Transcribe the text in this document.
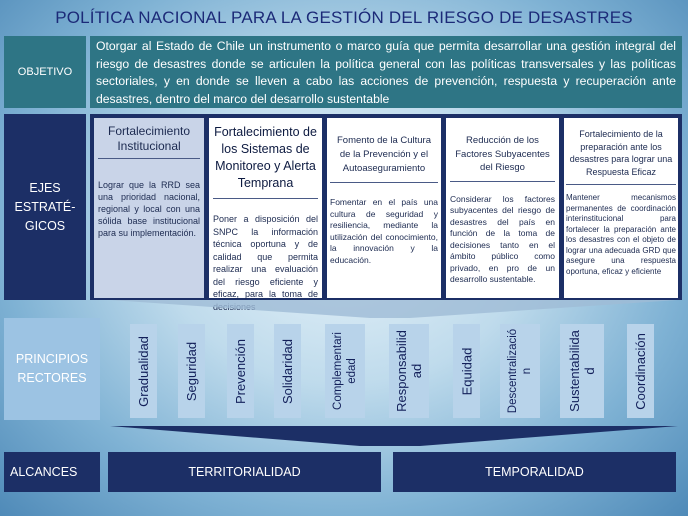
POLÍTICA NACIONAL PARA LA GESTIÓN DEL RIESGO DE DESASTRES
OBJETIVO
Otorgar al Estado de Chile un instrumento o marco guía que permita desarrollar una gestión integral del riesgo de desastres donde se articulen la política general con las políticas transversales y las políticas sectoriales, y en donde se lleven a cabo las acciones de prevención, respuesta y recuperación ante desastres, dentro del marco del desarrollo sustentable
EJES ESTRATÉ-GICOS
Fortalecimiento Institucional
Lograr que la RRD sea una prioridad nacional, regional y local con una sólida base institucional para su implementación.
Fortalecimiento de los Sistemas de Monitoreo y Alerta Temprana
Poner a disposición del SNPC la información técnica oportuna y de calidad que permita realizar una evaluación del riesgo eficiente y eficaz, para la toma de
Fomento de la Cultura de la Prevención y el Autoaseguramiento
Fomentar en el país una cultura de seguridad y resiliencia, mediante la utilización del conocimiento, la innovación y la educación.
Reducción de los Factores Subyacentes del Riesgo
Considerar los factores subyacentes del riesgo de desastres del país en función de la toma de decisiones tanto en el ámbito público como privado, en pro de un desarrollo sustentable.
Fortalecimiento de la preparación ante los desastres para lograr una Respuesta Eficaz
Mantener mecanismos permanentes de coordinación interinstitucional para fortalecer la preparación ante los desastres con el objeto de lograr una adecuada GRD que asegure una respuesta oportuna, eficaz y eficiente
PRINCIPIOS RECTORES	Gradualidad	Seguridad	Prevención Solidaridad	Complementari edad	Responsabilid ad	Equidad	Descentralizació n	Sustentabilida d	Coordinación
ALCANCES	TERRITORIALIDAD	TEMPORALIDAD
